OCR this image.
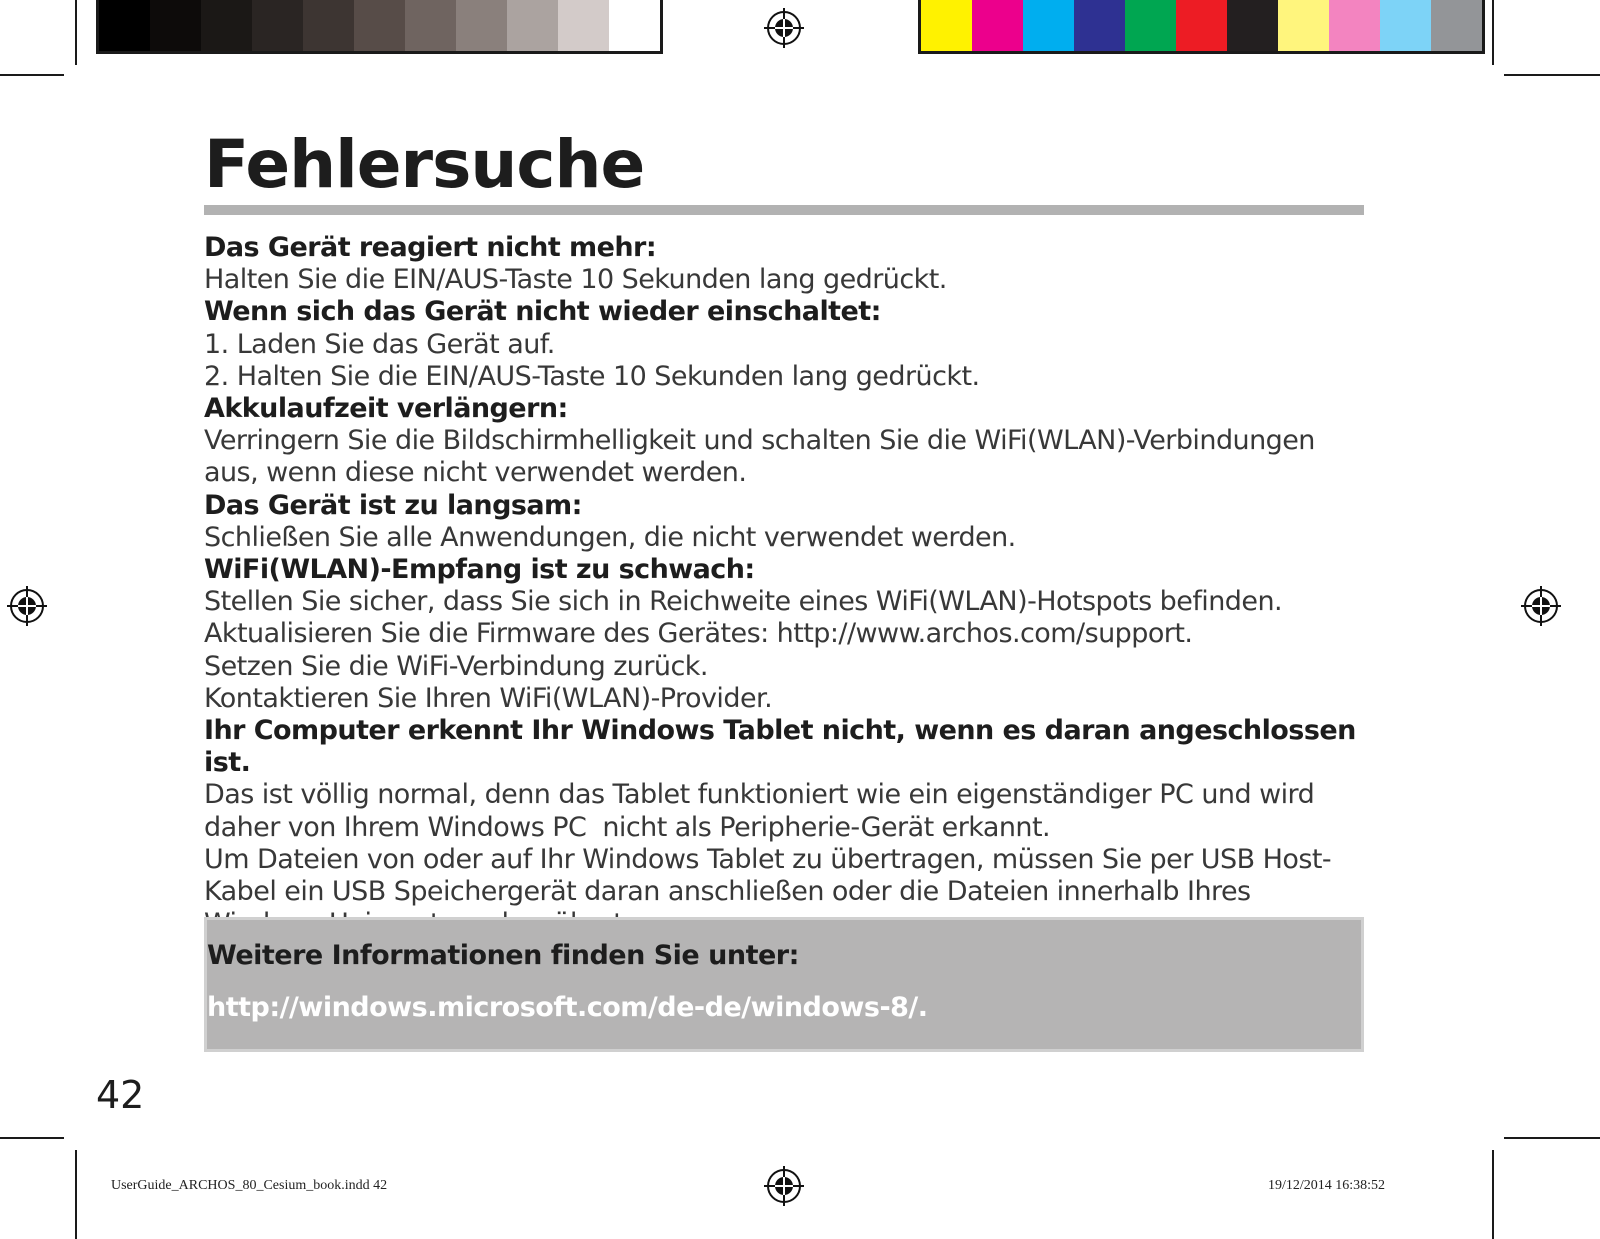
Fehlersuche

Das Gerät reagiert nicht mehr:

Halten Sie die EIN/AUS-Taste 10 Sekunden lang gedrückt.

Wenn sich das Gerät nicht wieder einschaltet:

1. Laden Sie das Gerät auf.

2. Halten Sie die EIN/AUS-Taste 10 Sekunden lang gedrückt.

Akkulaufzeit verlängern:

Verringern Sie die Bildschirmhelligkeit und schalten Sie die WiFi(WLAN)-Verbindungen

aus, wenn diese nicht verwendet werden.

Das Gerät ist zu langsam:

Schließen Sie alle Anwendungen, die nicht verwendet werden.

WiFi(WLAN)-Empfang ist zu schwach:

Stellen Sie sicher, dass Sie sich in Reichweite eines WiFi(WLAN)-Hotspots befinden.

Aktualisieren Sie die Firmware des Gerätes: http://www.archos.com/support.

Setzen Sie die WiFi-Verbindung zurück.

Kontaktieren Sie Ihren WiFi(WLAN)-Provider.

Ihr Computer erkennt Ihr Windows Tablet nicht, wenn es daran angeschlossen ist.

Das ist völlig normal, denn das Tablet funktioniert wie ein eigenständiger PC und wird

daher von Ihrem Windows PC  nicht als Peripherie-Gerät erkannt.

Um Dateien von oder auf Ihr Windows Tablet zu übertragen, müssen Sie per USB Host-

Kabel ein USB Speichergerät daran anschließen oder die Dateien innerhalb Ihres

Weitere Informationen finden Sie unter:
http://windows.microsoft.com/de-de/windows-8/.
42
UserGuide_ARCHOS_80_Cesium_book.indd 42	19/12/2014 16:38:52
